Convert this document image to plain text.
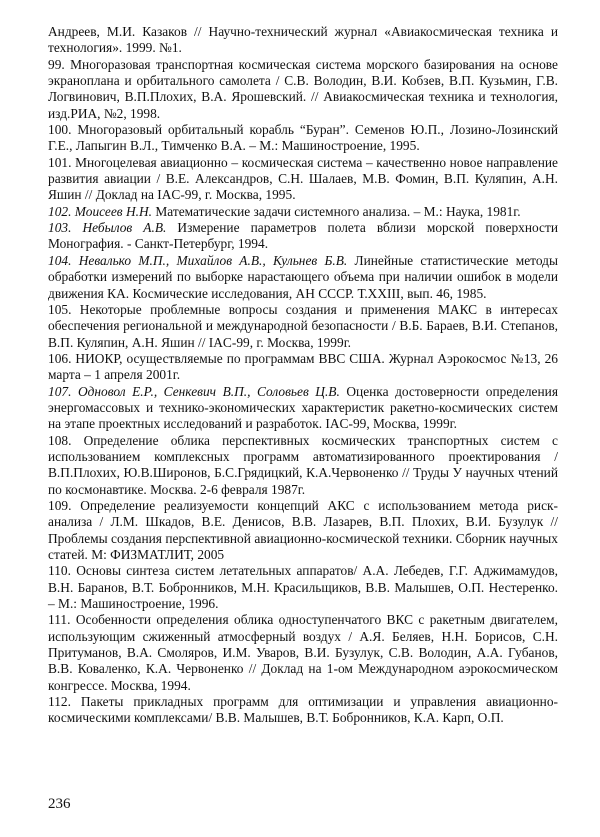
Андреев, М.И. Казаков // Научно-технический журнал «Авиакосмическая техника и технология». 1999. №1.

99. Многоразовая транспортная космическая система морского базирования на основе экраноплана и орбитального самолета / С.В. Володин, В.И. Кобзев, В.П. Кузьмин, Г.В. Логвинович, В.П.Плохих, В.А. Ярошевский. // Авиакосмическая техника и технология, изд.РИА, №2, 1998.

100. Многоразовый орбитальный корабль “Буран”. Семенов Ю.П., Лозино-Лозинский Г.Е., Лапыгин В.Л., Тимченко В.А. – М.: Машиностроение, 1995.

101. Многоцелевая авиационно – космическая система – качественно новое направление развития авиации / В.Е. Александров, С.Н. Шалаев, М.В. Фомин, В.П. Куляпин, А.Н. Яшин // Доклад на IAC-99, г. Москва, 1995.

102. Моисеев Н.Н. Математические задачи системного анализа. – М.: Наука, 1981г.

103. Небылов А.В. Измерение параметров полета вблизи морской поверхности Монография. - Санкт-Петербург, 1994.

104. Невалько М.П., Михайлов А.В., Кульнев Б.В. Линейные статистические методы обработки измерений по выборке нарастающего объема при наличии ошибок в модели движения КА. Космические исследования, АН СССР. Т.XXIII, вып. 46, 1985.

105. Некоторые проблемные вопросы создания и применения МАКС в интересах обеспечения региональной и международной безопасности / В.Б. Бараев, В.И. Степанов, В.П. Куляпин, А.Н. Яшин // IAC-99, г. Москва, 1999г.

106. НИОКР, осуществляемые по программам ВВС США. Журнал Аэрокосмос №13, 26 марта – 1 апреля 2001г.

107. Одновол Е.Р., Сенкевич В.П., Соловьев Ц.В. Оценка достоверности определения энергомассовых и технико-экономических характеристик ракетно-космических систем на этапе проектных исследований и разработок. IAC-99, Москва, 1999г.

108. Определение облика перспективных космических транспортных систем с использованием комплексных программ автоматизированного проектирования / В.П.Плохих, Ю.В.Широнов, Б.С.Грядицкий, К.А.Червоненко // Труды У научных чтений по космонавтике. Москва. 2-6 февраля 1987г.

109. Определение реализуемости концепций АКС с использованием метода риск-анализа / Л.М. Шкадов, В.Е. Денисов, В.В. Лазарев, В.П. Плохих, В.И. Бузулук // Проблемы создания перспективной авиационно-космической техники. Сборник научных статей. М: ФИЗМАТЛИТ, 2005

110. Основы синтеза систем летательных аппаратов/ А.А. Лебедев, Г.Г. Аджимамудов, В.Н. Баранов, В.Т. Бобронников, М.Н. Красильщиков, В.В. Малышев, О.П. Нестеренко. – М.: Машиностроение, 1996.

111. Особенности определения облика одноступенчатого ВКС с ракетным двигателем, использующим сжиженный атмосферный воздух / А.Я. Беляев, Н.Н. Борисов, С.Н. Притуманов, В.А. Смоляров, И.М. Уваров, В.И. Бузулук, С.В. Володин, А.А. Губанов, В.В. Коваленко, К.А. Червоненко // Доклад на 1-ом Международном аэрокосмическом конгрессе. Москва, 1994.

112. Пакеты прикладных программ для оптимизации и управления авиационно-космическими комплексами/ В.В. Малышев, В.Т. Бобронников, К.А. Карп, О.П.

236
